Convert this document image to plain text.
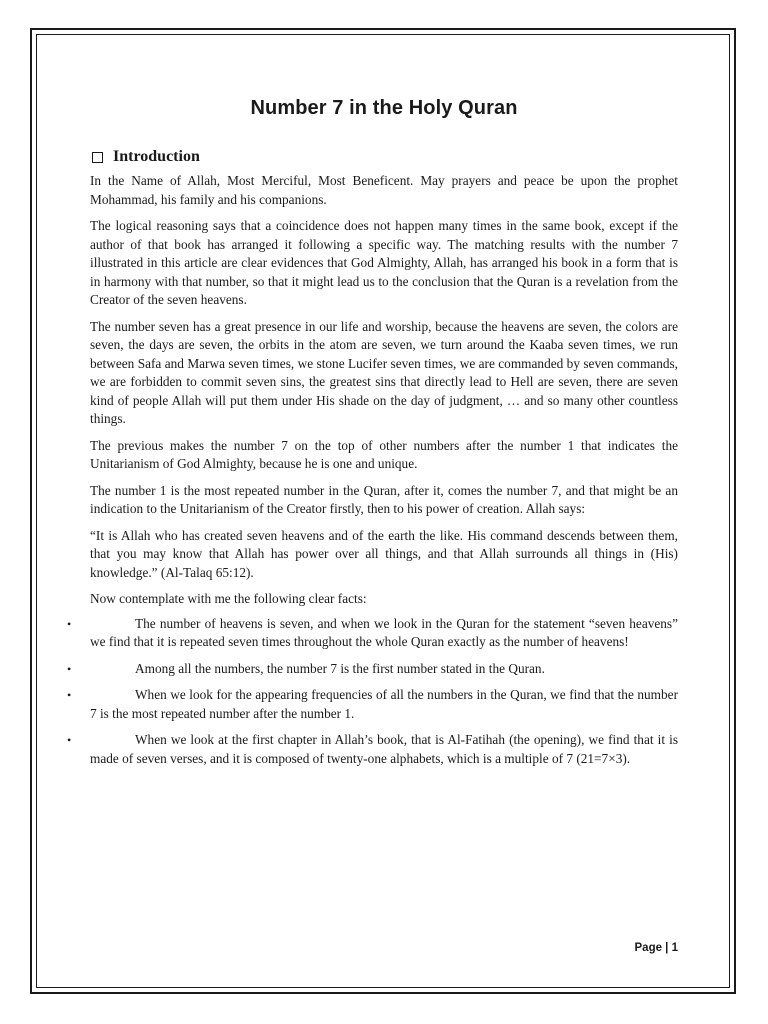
Number 7 in the Holy Quran
Introduction

In the Name of Allah, Most Merciful, Most Beneficent. May prayers and peace be upon the prophet Mohammad, his family and his companions.

The logical reasoning says that a coincidence does not happen many times in the same book, except if the author of that book has arranged it following a specific way. The matching results with the number 7 illustrated in this article are clear evidences that God Almighty, Allah, has arranged his book in a form that is in harmony with that number, so that it might lead us to the conclusion that the Quran is a revelation from the Creator of the seven heavens.

The number seven has a great presence in our life and worship, because the heavens are seven, the colors are seven, the days are seven, the orbits in the atom are seven, we turn around the Kaaba seven times, we run between Safa and Marwa seven times, we stone Lucifer seven times, we are commanded by seven commands, we are forbidden to commit seven sins, the greatest sins that directly lead to Hell are seven, there are seven kind of people Allah will put them under His shade on the day of judgment, … and so many other countless things.

The previous makes the number 7 on the top of other numbers after the number 1 that indicates the Unitarianism of God Almighty, because he is one and unique.

The number 1 is the most repeated number in the Quran, after it, comes the number 7, and that might be an indication to the Unitarianism of the Creator firstly, then to his power of creation. Allah says:

“It is Allah who has created seven heavens and of the earth the like. His command descends between them, that you may know that Allah has power over all things, and that Allah surrounds all things in (His) knowledge.” (Al-Talaq 65:12).

Now contemplate with me the following clear facts:

•	The number of heavens is seven, and when we look in the Quran for the statement “seven heavens” we find that it is repeated seven times throughout the whole Quran exactly as the number of heavens!
•	Among all the numbers, the number 7 is the first number stated in the Quran.
•	When we look for the appearing frequencies of all the numbers in the Quran, we find that the number 7 is the most repeated number after the number 1.
•	When we look at the first chapter in Allah’s book, that is Al-Fatihah (the opening), we find that it is made of seven verses, and it is composed of twenty-one alphabets, which is a multiple of 7 (21=7×3).
Page | 1
